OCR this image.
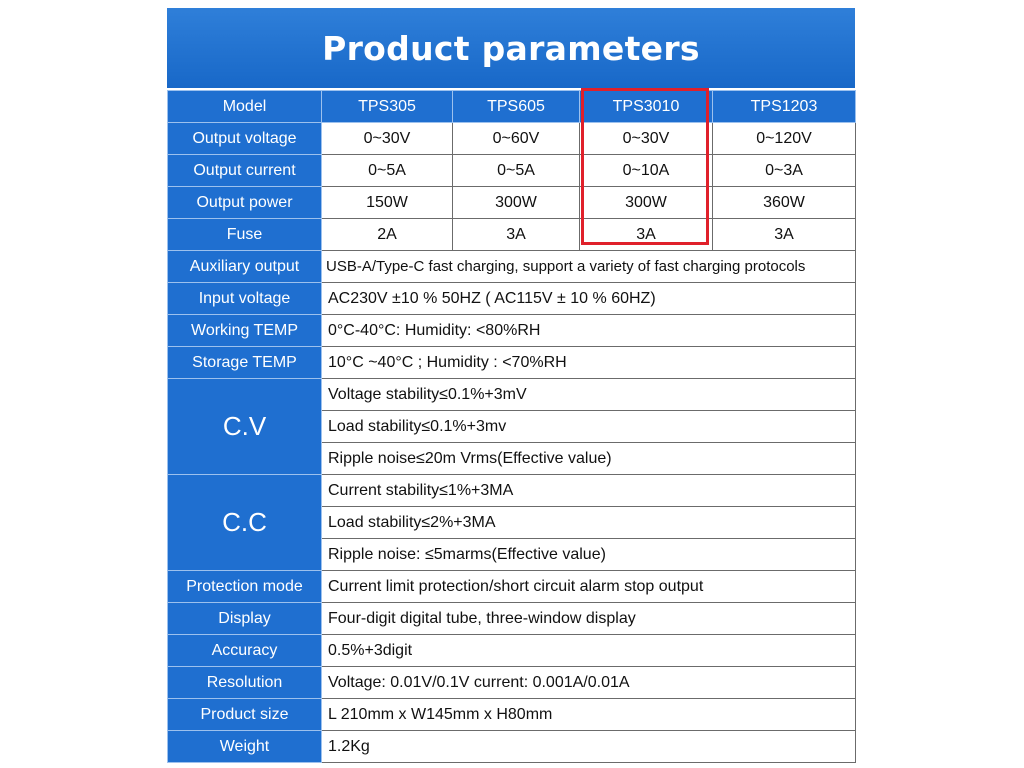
Product parameters
Model	TPS305	TPS605	TPS3010	TPS1203
Output voltage	0~30V	0~60V	0~30V	0~120V
Output current	0~5A	0~5A	0~10A	0~3A
Output power	150W	300W	300W	360W
Fuse	2A	3A	3A	3A
Auxiliary output	USB-A/Type-C fast charging, support a variety of fast charging protocols			
Input voltage	AC230V ±10 % 50HZ ( AC115V ± 10 % 60HZ)			
Working TEMP	0°C-40°C: Humidity: <80%RH			
Storage TEMP	10°C ~40°C ; Humidity : <70%RH			
C.V	Voltage stability≤0.1%+3mV			
	Load stability≤0.1%+3mv			
	Ripple noise≤20m Vrms(Effective value)			
C.C	Current stability≤1%+3MA			
	Load stability≤2%+3MA			
	Ripple noise: ≤5marms(Effective value)			
Protection mode	Current limit protection/short circuit alarm stop output			
Display	Four-digit digital tube, three-window display			
Accuracy	0.5%+3digit			
Resolution	Voltage: 0.01V/0.1V current: 0.001A/0.01A			
Product size	L 210mm x W145mm x H80mm			
Weight	1.2Kg			
